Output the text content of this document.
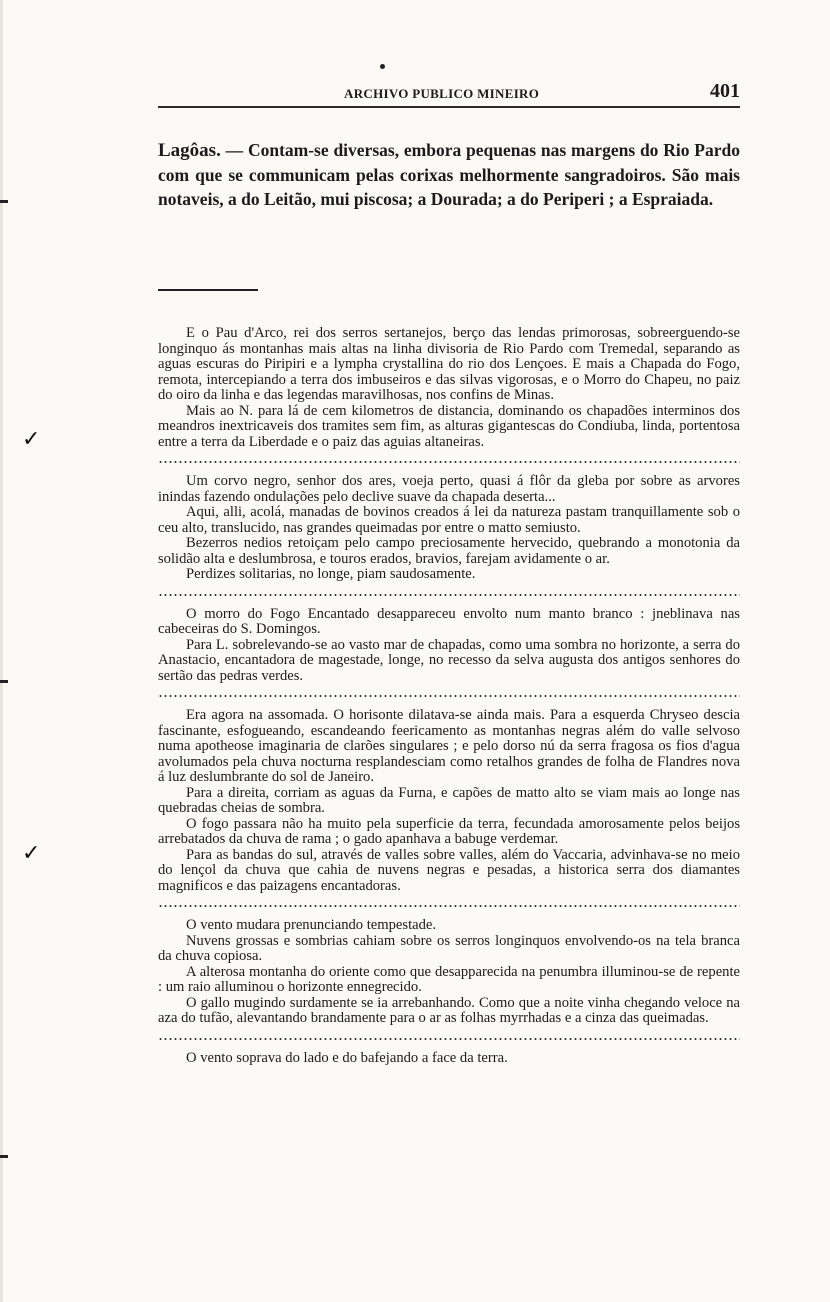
ARCHIVO PUBLICO MINEIRO	401
Lagôas. — Contam-se diversas, embora pequenas nas margens do Rio Pardo com que se communicam pelas corixas melhormente sangradoiros. São mais notaveis, a do Leitão, mui piscosa; a Dourada; a do Periperi ; a Espraiada.
✓
✓

E o Pau d'Arco, rei dos serros sertanejos, berço das lendas primorosas, sobreerguendo-se longinquo ás montanhas mais altas na linha divisoria de Rio Pardo com Tremedal, separando as aguas escuras do Piripiri e a lympha crystallina do rio dos Lençoes. E mais a Chapada do Fogo, remota, intercepiando a terra dos imbuseiros e das silvas vigorosas, e o Morro do Chapeu, no paiz do oiro da linha e das legendas maravilhosas, nos confins de Minas.

Mais ao N. para lá de cem kilometros de distancia, dominando os chapadões interminos dos meandros inextricaveis dos tramites sem fim, as alturas gigantescas do Condiuba, linda, portentosa entre a terra da Liberdade e o paiz das aguias altaneiras.

Um corvo negro, senhor dos ares, voeja perto, quasi á flôr da gleba por sobre as arvores inindas fazendo ondulações pelo declive suave da chapada deserta...

Aqui, alli, acolá, manadas de bovinos creados á lei da natureza pastam tranquillamente sob o ceu alto, translucido, nas grandes queimadas por entre o matto semiusto.

Bezerros nedios retoiçam pelo campo preciosamente hervecido, quebrando a monotonia da solidão alta e deslumbrosa, e touros erados, bravios, farejam avidamente o ar.

Perdizes solitarias, no longe, piam saudosamente.

O morro do Fogo Encantado desappareceu envolto num manto branco : jneblinava nas cabeceiras do S. Domingos.

Para L. sobrelevando-se ao vasto mar de chapadas, como uma sombra no horizonte, a serra do Anastacio, encantadora de magestade, longe, no recesso da selva augusta dos antigos senhores do sertão das pedras verdes.

Era agora na assomada. O horisonte dilatava-se ainda mais. Para a esquerda Chryseo descia fascinante, esfogueando, escandeando feericamento as montanhas negras além do valle selvoso numa apotheose imaginaria de clarões singulares ; e pelo dorso nú da serra fragosa os fios d'agua avolumados pela chuva nocturna resplandesciam como retalhos grandes de folha de Flandres nova á luz deslumbrante do sol de Janeiro.

Para a direita, corriam as aguas da Furna, e capões de matto alto se viam mais ao longe nas quebradas cheias de sombra.

O fogo passara não ha muito pela superficie da terra, fecundada amorosamente pelos beijos arrebatados da chuva de rama ; o gado apanhava a babuge verdemar.

Para as bandas do sul, através de valles sobre valles, além do Vaccaria, advinhava-se no meio do lençol da chuva que cahia de nuvens negras e pesadas, a historica serra dos diamantes magnificos e das paizagens encantadoras.

O vento mudara prenunciando tempestade.

Nuvens grossas e sombrias cahiam sobre os serros longinquos envolvendo-os na tela branca da chuva copiosa.

A alterosa montanha do oriente como que desapparecida na penumbra illuminou-se de repente : um raio alluminou o horizonte ennegrecido.

O gallo mugindo surdamente se ia arrebanhando. Como que a noite vinha chegando veloce na aza do tufão, alevantando brandamente para o ar as folhas myrrhadas e a cinza das queimadas.

O vento soprava do lado e do bafejando a face da terra.
